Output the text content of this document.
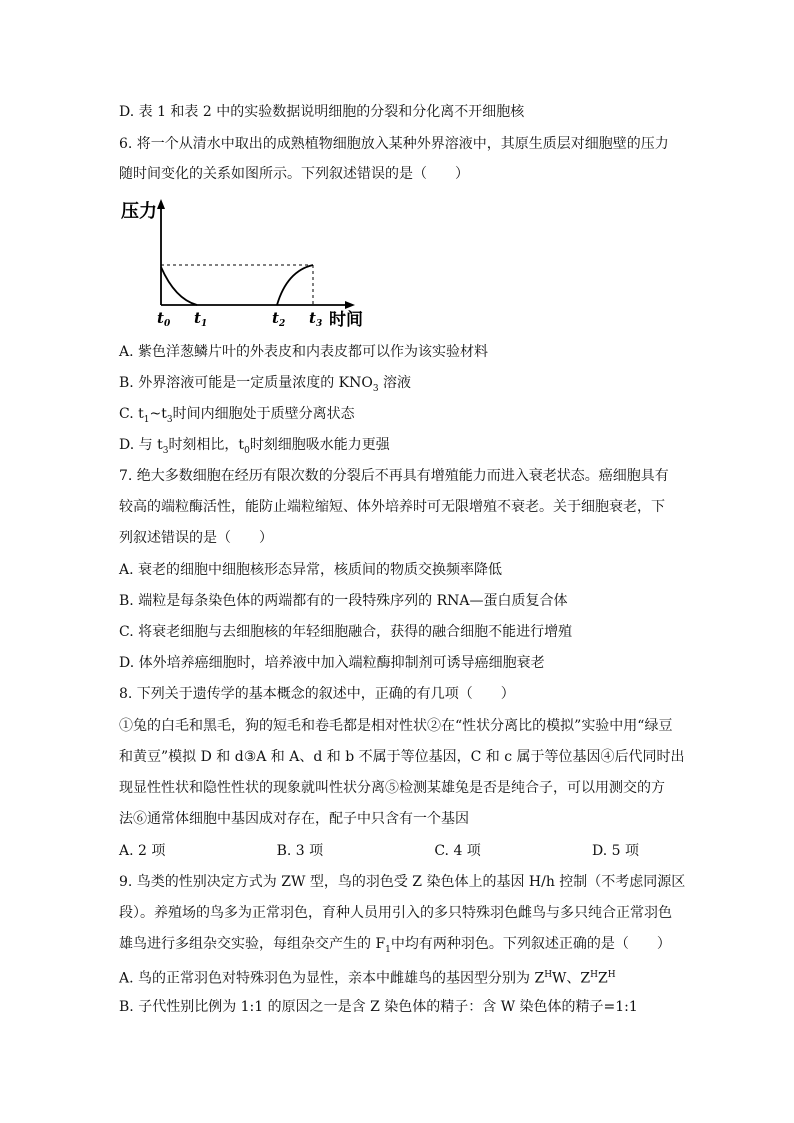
D. 表 1 和表 2 中的实验数据说明细胞的分裂和分化离不开细胞核
6. 将一个从清水中取出的成熟植物细胞放入某种外界溶液中，其原生质层对细胞壁的压力
随时间变化的关系如图所示。下列叙述错误的是（　　）
压力
$t_0$ $t_1$	$t_2$ $t_3$ 时间
A. 紫色洋葱鳞片叶的外表皮和内表皮都可以作为该实验材料
B. 外界溶液可能是一定质量浓度的 $KNO_3$ 溶液
C. $t_1\sim t_3$时间内细胞处于质壁分离状态
D. 与 $t_3$时刻相比，$t_0$时刻细胞吸水能力更强
7. 绝大多数细胞在经历有限次数的分裂后不再具有增殖能力而进入衰老状态。癌细胞具有
较高的端粒酶活性，能防止端粒缩短、体外培养时可无限增殖不衰老。关于细胞衰老，下
列叙述错误的是（　　）
A. 衰老的细胞中细胞核形态异常，核质间的物质交换频率降低
B. 端粒是每条染色体的两端都有的一段特殊序列的 RNA—蛋白质复合体
C. 将衰老细胞与去细胞核的年轻细胞融合，获得的融合细胞不能进行增殖
D. 体外培养癌细胞时，培养液中加入端粒酶抑制剂可诱导癌细胞衰老
8. 下列关于遗传学的基本概念的叙述中，正确的有几项（　　）
①兔的白毛和黑毛，狗的短毛和卷毛都是相对性状②在“性状分离比的模拟”实验中用“绿豆
和黄豆”模拟 D 和 d③A 和 A、d 和 b 不属于等位基因，C 和 c 属于等位基因④后代同时出
现显性性状和隐性性状的现象就叫性状分离⑤检测某雄兔是否是纯合子，可以用测交的方
法⑥通常体细胞中基因成对存在，配子中只含有一个基因
A. 2 项	B. 3 项	C. 4 项	D. 5 项
9. 鸟类的性别决定方式为 ZW 型，鸟的羽色受 Z 染色体上的基因 H/h 控制（不考虑同源区
段）。养殖场的鸟多为正常羽色，育种人员用引入的多只特殊羽色雌鸟与多只纯合正常羽色
雄鸟进行多组杂交实验，每组杂交产生的 $F_1$中均有两种羽色。下列叙述正确的是（　　）
A. 鸟的正常羽色对特殊羽色为显性，亲本中雌雄鸟的基因型分别为 $Z^HW$、$Z^HZ^H$
B. 子代性别比例为 1:1 的原因之一是含 Z 染色体的精子：含 W 染色体的精子=1:1
